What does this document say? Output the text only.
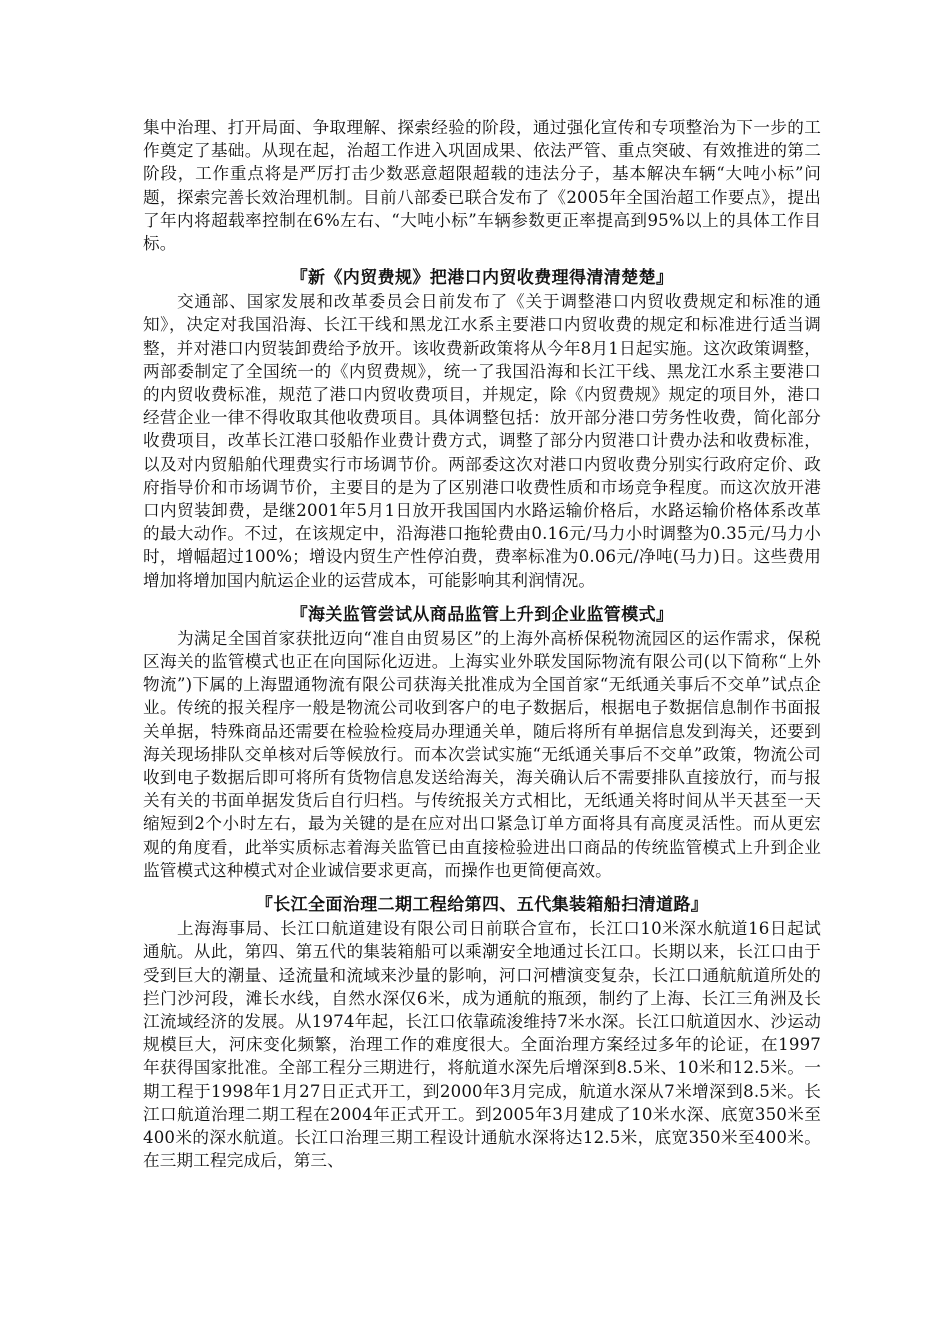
集中治理、打开局面、争取理解、探索经验的阶段，通过强化宣传和专项整治为下一步的工作奠定了基础。从现在起，治超工作进入巩固成果、依法严管、重点突破、有效推进的第二阶段，工作重点将是严厉打击少数恶意超限超载的违法分子，基本解决车辆“大吨小标”问题，探索完善长效治理机制。目前八部委已联合发布了《2005年全国治超工作要点》，提出了年内将超载率控制在6%左右、“大吨小标”车辆参数更正率提高到95%以上的具体工作目标。

『新《内贸费规》把港口内贸收费理得清清楚楚』

交通部、国家发展和改革委员会日前发布了《关于调整港口内贸收费规定和标准的通知》，决定对我国沿海、长江干线和黑龙江水系主要港口内贸收费的规定和标准进行适当调整，并对港口内贸装卸费给予放开。该收费新政策将从今年8月1日起实施。这次政策调整，两部委制定了全国统一的《内贸费规》，统一了我国沿海和长江干线、黑龙江水系主要港口的内贸收费标准，规范了港口内贸收费项目，并规定，除《内贸费规》规定的项目外，港口经营企业一律不得收取其他收费项目。具体调整包括：放开部分港口劳务性收费，简化部分收费项目，改革长江港口驳船作业费计费方式，调整了部分内贸港口计费办法和收费标准，以及对内贸船舶代理费实行市场调节价。两部委这次对港口内贸收费分别实行政府定价、政府指导价和市场调节价，主要目的是为了区别港口收费性质和市场竞争程度。而这次放开港口内贸装卸费，是继2001年5月1日放开我国国内水路运输价格后，水路运输价格体系改革的最大动作。不过，在该规定中，沿海港口拖轮费由0.16元/马力小时调整为0.35元/马力小时，增幅超过100%；增设内贸生产性停泊费，费率标准为0.06元/净吨(马力)日。这些费用增加将增加国内航运企业的运营成本，可能影响其利润情况。

『海关监管尝试从商品监管上升到企业监管模式』

为满足全国首家获批迈向“准自由贸易区”的上海外高桥保税物流园区的运作需求，保税区海关的监管模式也正在向国际化迈进。上海实业外联发国际物流有限公司(以下简称“上外物流”)下属的上海盟通物流有限公司获海关批准成为全国首家“无纸通关事后不交单”试点企业。传统的报关程序一般是物流公司收到客户的电子数据后，根据电子数据信息制作书面报关单据，特殊商品还需要在检验检疫局办理通关单，随后将所有单据信息发到海关，还要到海关现场排队交单核对后等候放行。而本次尝试实施“无纸通关事后不交单”政策，物流公司收到电子数据后即可将所有货物信息发送给海关，海关确认后不需要排队直接放行，而与报关有关的书面单据发货后自行归档。与传统报关方式相比，无纸通关将时间从半天甚至一天缩短到2个小时左右，最为关键的是在应对出口紧急订单方面将具有高度灵活性。而从更宏观的角度看，此举实质标志着海关监管已由直接检验进出口商品的传统监管模式上升到企业监管模式这种模式对企业诚信要求更高，而操作也更简便高效。

『长江全面治理二期工程给第四、五代集装箱船扫清道路』

上海海事局、长江口航道建设有限公司日前联合宣布，长江口10米深水航道16日起试通航。从此，第四、第五代的集装箱船可以乘潮安全地通过长江口。长期以来，长江口由于受到巨大的潮量、迳流量和流域来沙量的影响，河口河槽演变复杂，长江口通航航道所处的拦门沙河段，滩长水线，自然水深仅6米，成为通航的瓶颈，制约了上海、长江三角洲及长江流域经济的发展。从1974年起，长江口依靠疏浚维持7米水深。长江口航道因水、沙运动规模巨大，河床变化频繁，治理工作的难度很大。全面治理方案经过多年的论证，在1997年获得国家批准。全部工程分三期进行，将航道水深先后增深到8.5米、10米和12.5米。一期工程于1998年1月27日正式开工，到2000年3月完成，航道水深从7米增深到8.5米。长江口航道治理二期工程在2004年正式开工。到2005年3月建成了10米水深、底宽350米至400米的深水航道。长江口治理三期工程设计通航水深将达12.5米，底宽350米至400米。在三期工程完成后，第三、
